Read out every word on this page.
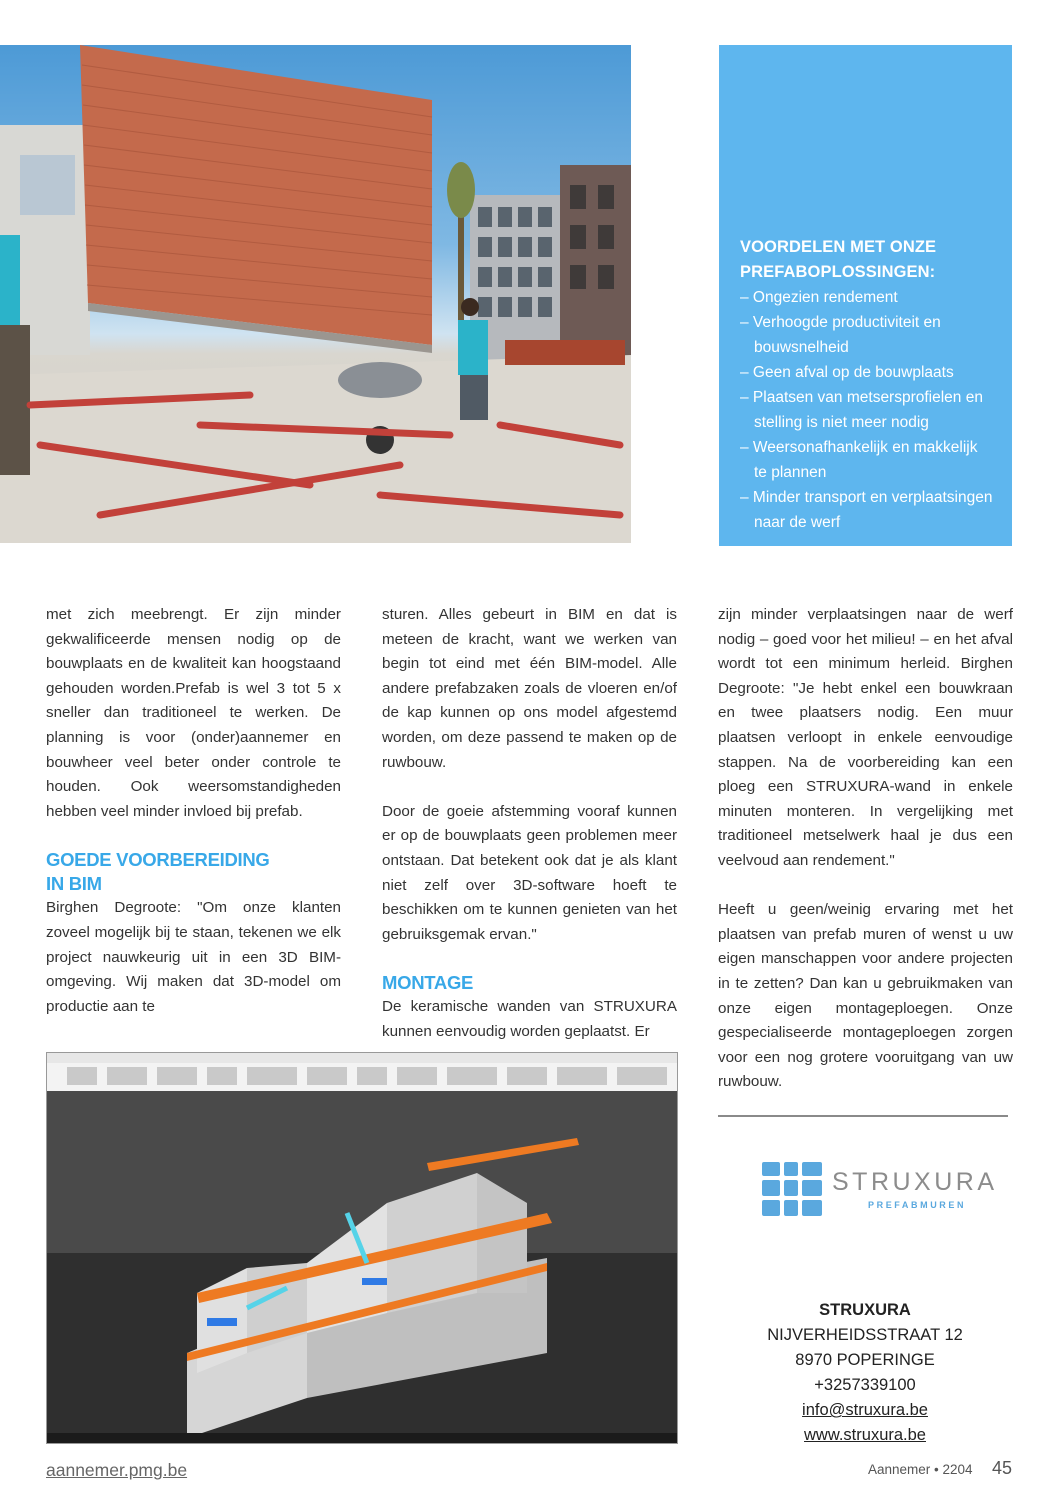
VOORDELEN MET ONZE
PREFABOPLOSSINGEN:
– Ongezien rendement
– Verhoogde productiviteit en bouwsnelheid
– Geen afval op de bouwplaats
– Plaatsen van metsersprofielen en stelling is niet meer nodig
– Weersonafhankelijk en makkelijk te plannen
– Minder transport en verplaatsingen naar de werf

met zich meebrengt. Er zijn minder gekwalificeerde mensen nodig op de bouwplaats en de kwaliteit kan hoogstaand gehouden worden.Prefab is wel 3 tot 5 x sneller dan traditioneel te werken. De planning is voor (onder)aannemer en bouwheer veel beter onder controle te houden. Ook weersomstandigheden hebben veel minder invloed bij prefab.

GOEDE VOORBEREIDING
IN BIM

Birghen Degroote: "Om onze klanten zoveel mogelijk bij te staan, tekenen we elk project nauwkeurig uit in een 3D BIM-omgeving. Wij maken dat 3D-model om productie aan te

sturen. Alles gebeurt in BIM en dat is meteen de kracht, want we werken van begin tot eind met één BIM-model. Alle andere prefabzaken zoals de vloeren en/of de kap kunnen op ons model afgestemd worden, om deze passend te maken op de ruwbouw.

Door de goeie afstemming vooraf kunnen er op de bouwplaats geen problemen meer ontstaan. Dat betekent ook dat je als klant niet zelf over 3D-software hoeft te beschikken om te kunnen genieten van het gebruiksgemak ervan."

MONTAGE

De keramische wanden van STRUXURA kunnen eenvoudig worden geplaatst. Er

zijn minder verplaatsingen naar de werf nodig – goed voor het milieu! – en het afval wordt tot een minimum herleid. Birghen Degroote: "Je hebt enkel een bouwkraan en twee plaatsers nodig. Een muur plaatsen verloopt in enkele eenvoudige stappen. Na de voorbereiding kan een ploeg een STRUXURA-wand in enkele minuten monteren. In vergelijking met traditioneel metselwerk haal je dus een veelvoud aan rendement."

Heeft u geen/weinig ervaring met het plaatsen van prefab muren of wenst u uw eigen manschappen voor andere projecten in te zetten? Dan kan u gebruikmaken van onze eigen montageploegen. Onze gespecialiseerde montageploegen zorgen voor een nog grotere vooruitgang van uw ruwbouw.

STRUXURA
PREFABMUREN
STRUXURA
NIJVERHEIDSSTRAAT 12
8970 POPERINGE
+3257339100
info@struxura.be
www.struxura.be
aannemer.pmg.be	Aannemer • 2204 45
